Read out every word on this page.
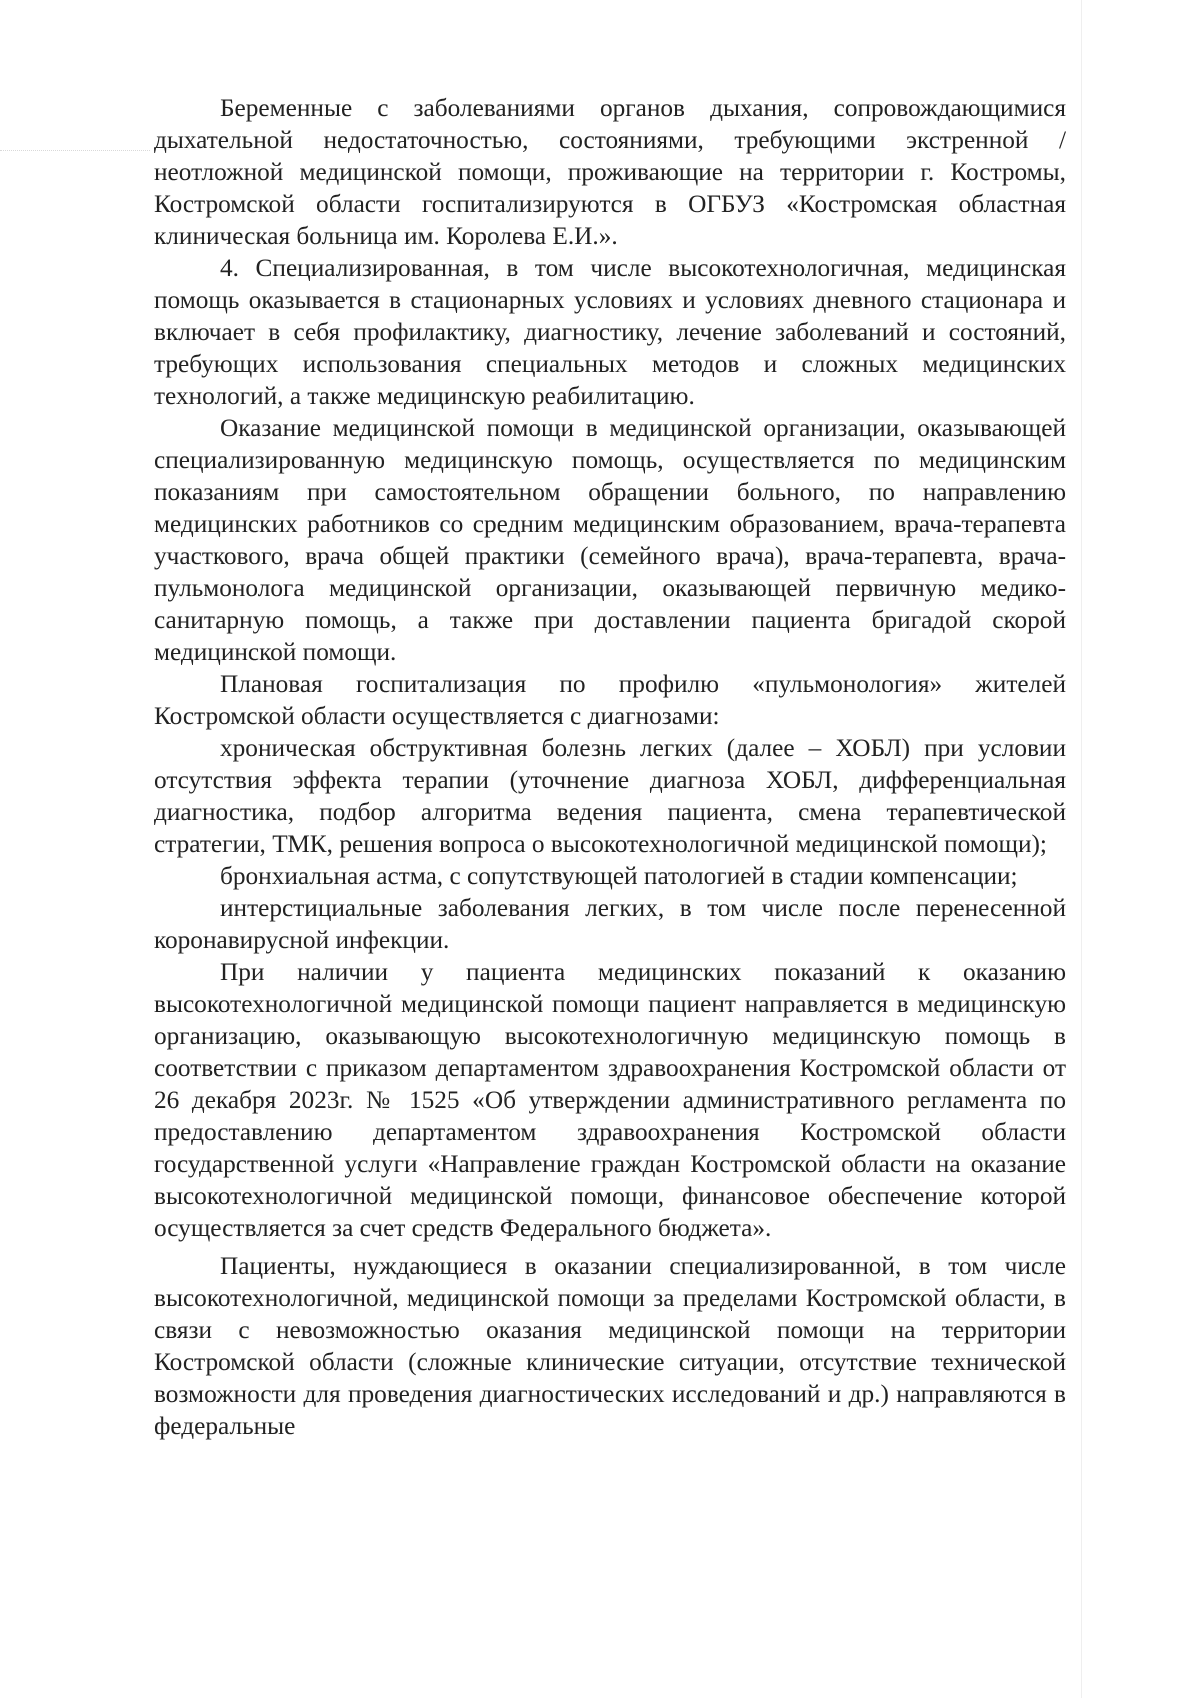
Беременные с заболеваниями органов дыхания, сопровождающимися дыхательной недостаточностью, состояниями, требующими экстренной / неотложной медицинской помощи, проживающие на территории г. Костромы, Костромской области госпитализируются в ОГБУЗ «Костромская областная клиническая больница им. Королева Е.И.».

4. Специализированная, в том числе высокотехнологичная, медицинская помощь оказывается в стационарных условиях и условиях дневного стационара и включает в себя профилактику, диагностику, лечение заболеваний и состояний, требующих использования специальных методов и сложных медицинских технологий, а также медицинскую реабилитацию.

Оказание медицинской помощи в медицинской организации, оказывающей специализированную медицинскую помощь, осуществляется по медицинским показаниям при самостоятельном обращении больного, по направлению медицинских работников со средним медицинским образованием, врача-терапевта участкового, врача общей практики (семейного врача), врача-терапевта, врача-пульмонолога медицинской организации, оказывающей первичную медико-санитарную помощь, а также при доставлении пациента бригадой скорой медицинской помощи.

Плановая госпитализация по профилю «пульмонология» жителей Костромской области осуществляется с диагнозами:

хроническая обструктивная болезнь легких (далее – ХОБЛ) при условии отсутствия эффекта терапии (уточнение диагноза ХОБЛ, дифференциальная диагностика, подбор алгоритма ведения пациента, смена терапевтической стратегии, ТМК, решения вопроса о высокотехнологичной медицинской помощи);

бронхиальная астма, с сопутствующей патологией в стадии компенсации;

интерстициальные заболевания легких, в том числе после перенесенной коронавирусной инфекции.

При наличии у пациента медицинских показаний к оказанию высокотехнологичной медицинской помощи пациент направляется в медицинскую организацию, оказывающую высокотехнологичную медицинскую помощь в соответствии с приказом департаментом здравоохранения Костромской области от 26 декабря 2023г. № 1525 «Об утверждении административного регламента по предоставлению департаментом здравоохранения Костромской области государственной услуги «Направление граждан Костромской области на оказание высокотехнологичной медицинской помощи, финансовое обеспечение которой осуществляется за счет средств Федерального бюджета».

Пациенты, нуждающиеся в оказании специализированной, в том числе высокотехнологичной, медицинской помощи за пределами Костромской области, в связи с невозможностью оказания медицинской помощи на территории Костромской области (сложные клинические ситуации, отсутствие технической возможности для проведения диагностических исследований и др.) направляются в федеральные
